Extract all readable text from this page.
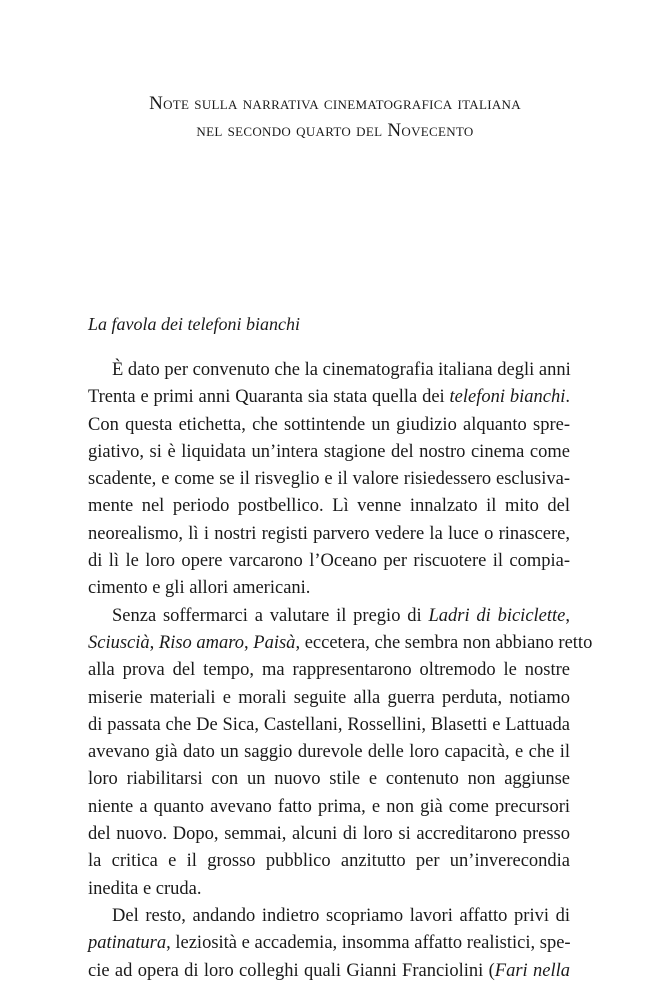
Note sulla narrativa cinematografica italiana
nel secondo quarto del Novecento
La favola dei telefoni bianchi
È dato per convenuto che la cinematografia italiana degli anni
Trenta e primi anni Quaranta sia stata quella dei telefoni bianchi.
Con questa etichetta, che sottintende un giudizio alquanto spre-
giativo, si è liquidata un’intera stagione del nostro cinema come
scadente, e come se il risveglio e il valore risiedessero esclusiva-
mente nel periodo postbellico. Lì venne innalzato il mito del
neorealismo, lì i nostri registi parvero vedere la luce o rinascere,
di lì le loro opere varcarono l’Oceano per riscuotere il compia-
cimento e gli allori americani.
Senza soffermarci a valutare il pregio di Ladri di biciclette,
Sciuscià, Riso amaro, Paisà, eccetera, che sembra non abbiano retto
alla prova del tempo, ma rappresentarono oltremodo le nostre
miserie materiali e morali seguite alla guerra perduta, notiamo
di passata che De Sica, Castellani, Rossellini, Blasetti e Lattuada
avevano già dato un saggio durevole delle loro capacità, e che il
loro riabilitarsi con un nuovo stile e contenuto non aggiunse
niente a quanto avevano fatto prima, e non già come precursori
del nuovo. Dopo, semmai, alcuni di loro si accreditarono presso
la critica e il grosso pubblico anzitutto per un’inverecondia
inedita e cruda.
Del resto, andando indietro scopriamo lavori affatto privi di
patinatura, leziosità e accademia, insomma affatto realistici, spe-
cie ad opera di loro colleghi quali Gianni Franciolini (Fari nella
